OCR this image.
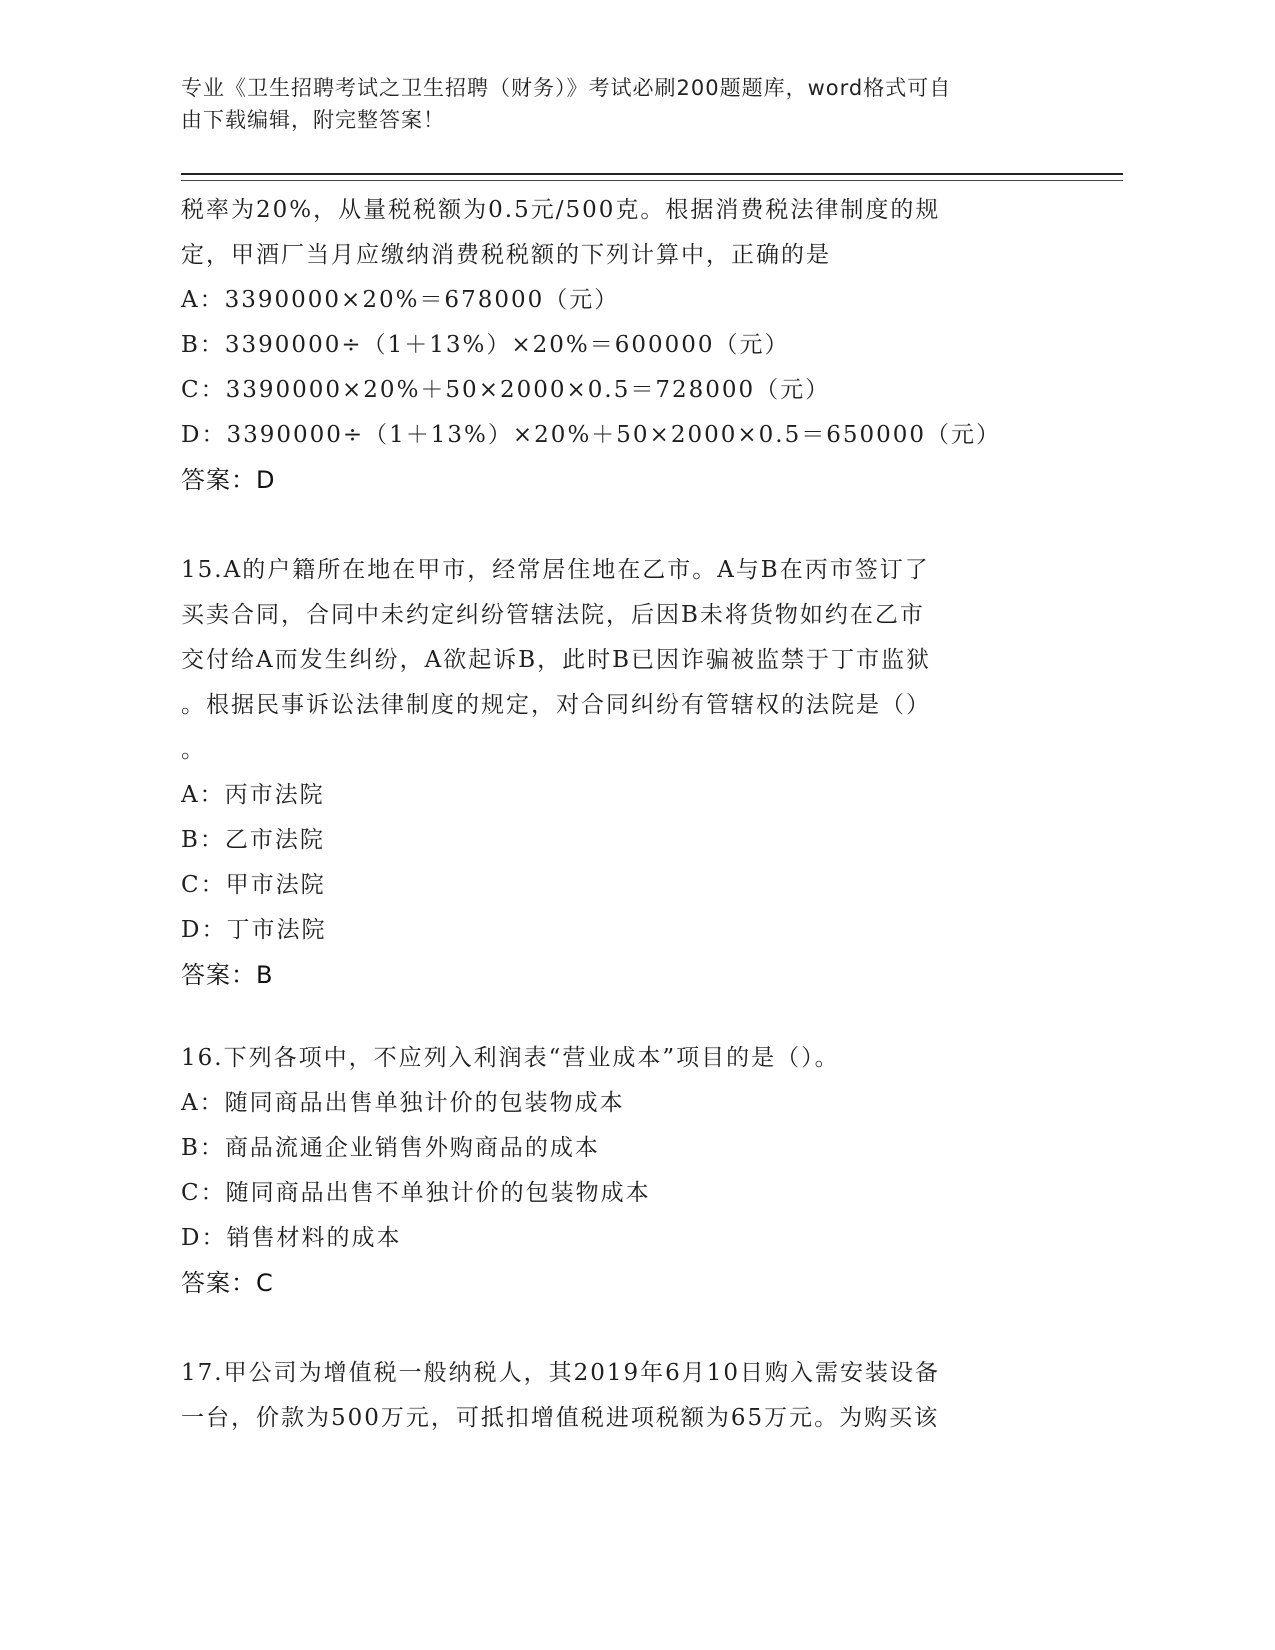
专业《卫生招聘考试之卫生招聘（财务）》考试必刷200题题库，word格式可自
由下载编辑，附完整答案！
税率为20%，从量税税额为0.5元/500克。根据消费税法律制度的规
定，甲酒厂当月应缴纳消费税税额的下列计算中，正确的是
A：3390000×20%＝678000（元）
B：3390000÷（1＋13%）×20%＝600000（元）
C：3390000×20%＋50×2000×0.5＝728000（元）
D：3390000÷（1＋13%）×20%＋50×2000×0.5＝650000（元）
答案：D
15.A的户籍所在地在甲市，经常居住地在乙市。A与B在丙市签订了
买卖合同，合同中未约定纠纷管辖法院，后因B未将货物如约在乙市
交付给A而发生纠纷，A欲起诉B，此时B已因诈骗被监禁于丁市监狱
。根据民事诉讼法律制度的规定，对合同纠纷有管辖权的法院是（）
。
A：丙市法院
B：乙市法院
C：甲市法院
D：丁市法院
答案：B
16.下列各项中，不应列入利润表“营业成本”项目的是（）。
A：随同商品出售单独计价的包装物成本
B：商品流通企业销售外购商品的成本
C：随同商品出售不单独计价的包装物成本
D：销售材料的成本
答案：C
17.甲公司为增值税一般纳税人，其2019年6月10日购入需安装设备
一台，价款为500万元，可抵扣增值税进项税额为65万元。为购买该
